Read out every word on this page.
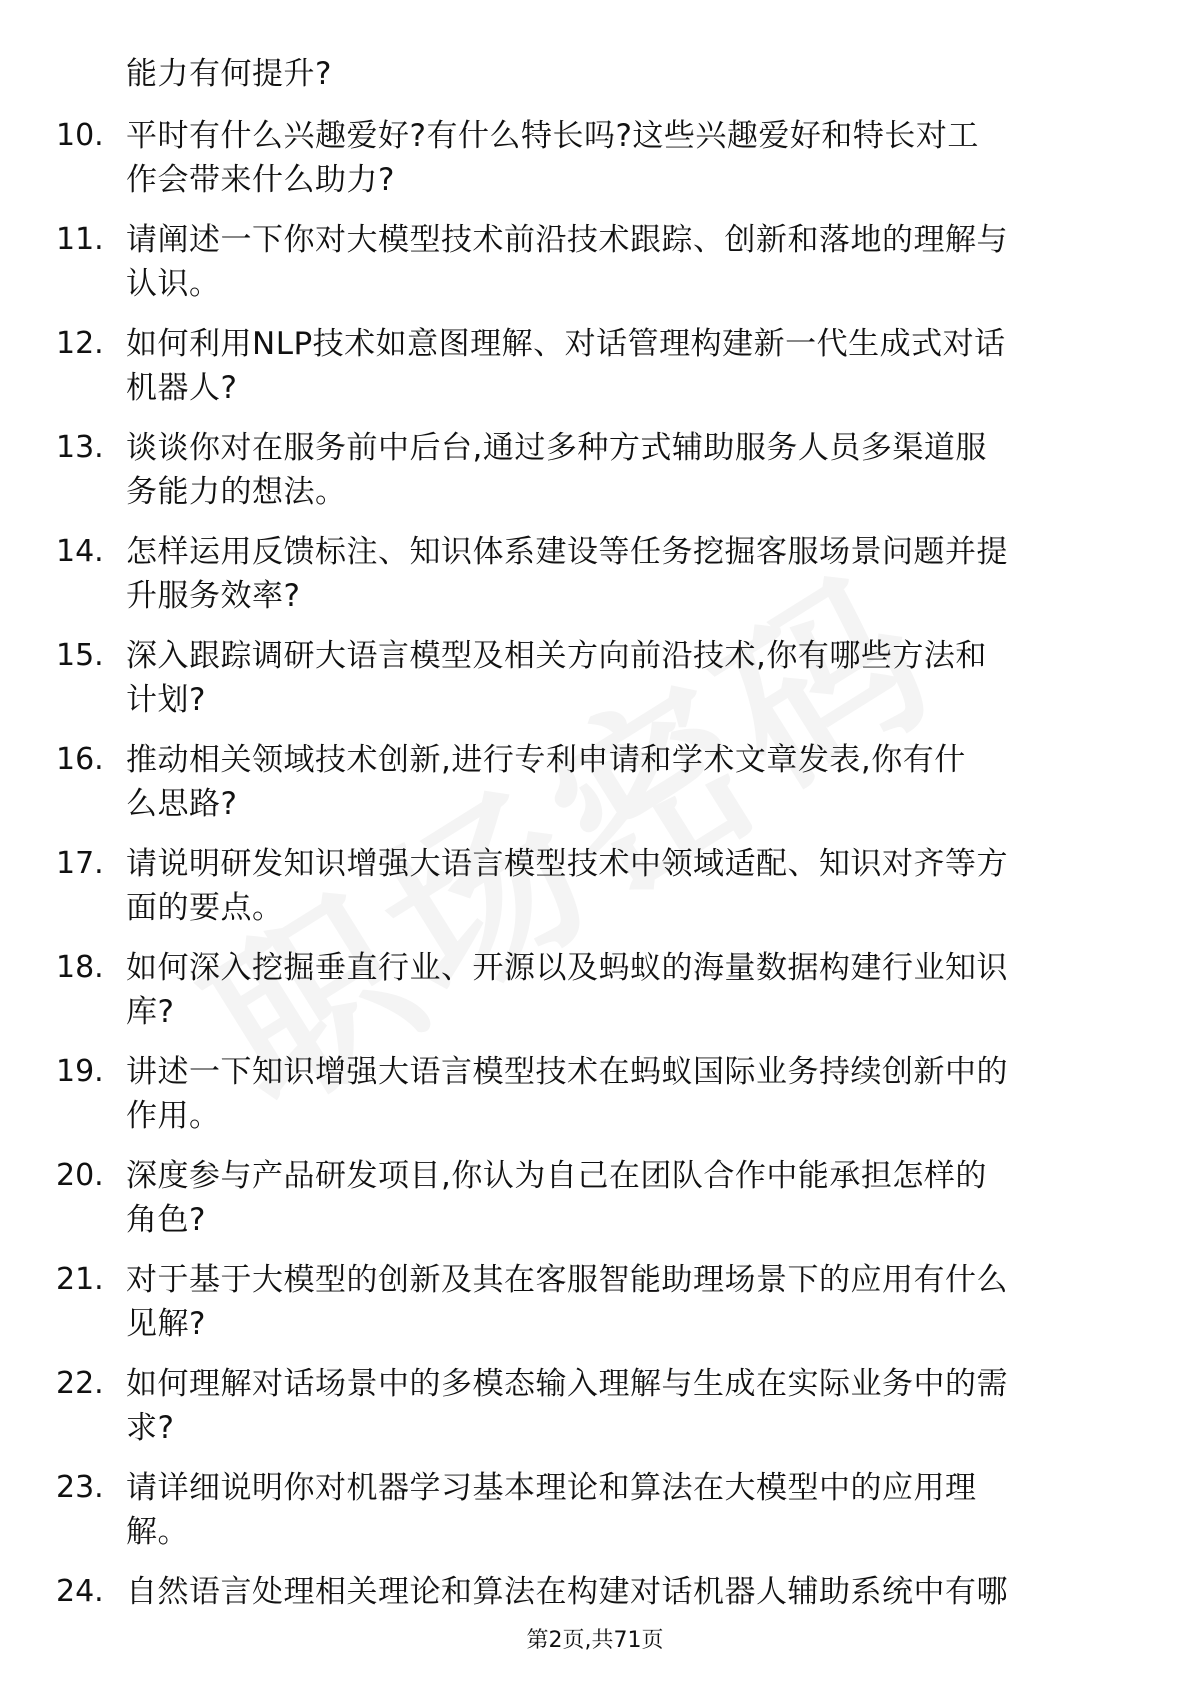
能力有何提升?
10. 平时有什么兴趣爱好?有什么特长吗?这些兴趣爱好和特长对工
作会带来什么助力?
11. 请阐述一下你对大模型技术前沿技术跟踪、创新和落地的理解与
认识。
12. 如何利用NLP技术如意图理解、对话管理构建新一代生成式对话
机器人?
13. 谈谈你对在服务前中后台,通过多种方式辅助服务人员多渠道服
务能力的想法。
14. 怎样运用反馈标注、知识体系建设等任务挖掘客服场景问题并提
升服务效率?
15. 深入跟踪调研大语言模型及相关方向前沿技术,你有哪些方法和
计划?
16. 推动相关领域技术创新,进行专利申请和学术文章发表,你有什
么思路?
17. 请说明研发知识增强大语言模型技术中领域适配、知识对齐等方
面的要点。
18. 如何深入挖掘垂直行业、开源以及蚂蚁的海量数据构建行业知识
库?
19. 讲述一下知识增强大语言模型技术在蚂蚁国际业务持续创新中的
作用。
20. 深度参与产品研发项目,你认为自己在团队合作中能承担怎样的
角色?
21. 对于基于大模型的创新及其在客服智能助理场景下的应用有什么
见解?
22. 如何理解对话场景中的多模态输入理解与生成在实际业务中的需
求?
23. 请详细说明你对机器学习基本理论和算法在大模型中的应用理
解。
24. 自然语言处理相关理论和算法在构建对话机器人辅助系统中有哪
第2页,共71页
